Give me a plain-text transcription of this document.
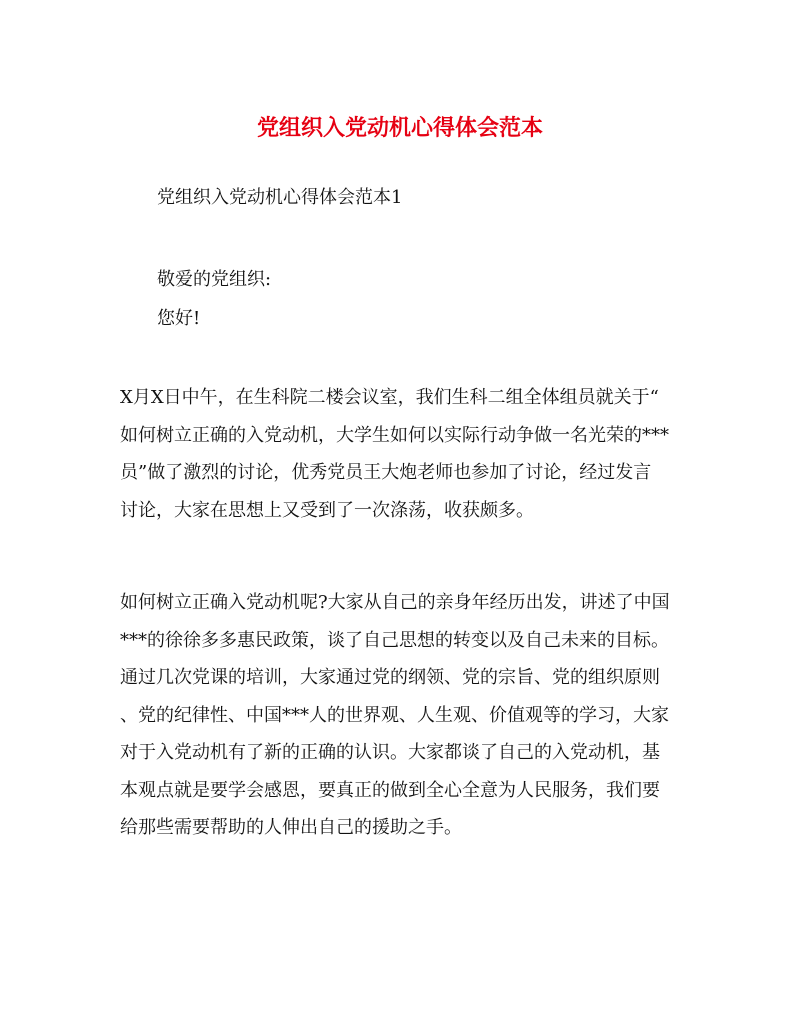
党组织入党动机心得体会范本

党组织入党动机心得体会范本1

敬爱的党组织:

您好!

X月X日中午，在生科院二楼会议室，我们生科二组全体组员就关于“
如何树立正确的入党动机，大学生如何以实际行动争做一名光荣的***
员”做了激烈的讨论，优秀党员王大炮老师也参加了讨论，经过发言
讨论，大家在思想上又受到了一次涤荡，收获颇多。
如何树立正确入党动机呢?大家从自己的亲身年经历出发，讲述了中国
***的徐徐多多惠民政策，谈了自己思想的转变以及自己未来的目标。
通过几次党课的培训，大家通过党的纲领、党的宗旨、党的组织原则
、党的纪律性、中国***人的世界观、人生观、价值观等的学习，大家
对于入党动机有了新的正确的认识。大家都谈了自己的入党动机，基
本观点就是要学会感恩，要真正的做到全心全意为人民服务，我们要
给那些需要帮助的人伸出自己的援助之手。
